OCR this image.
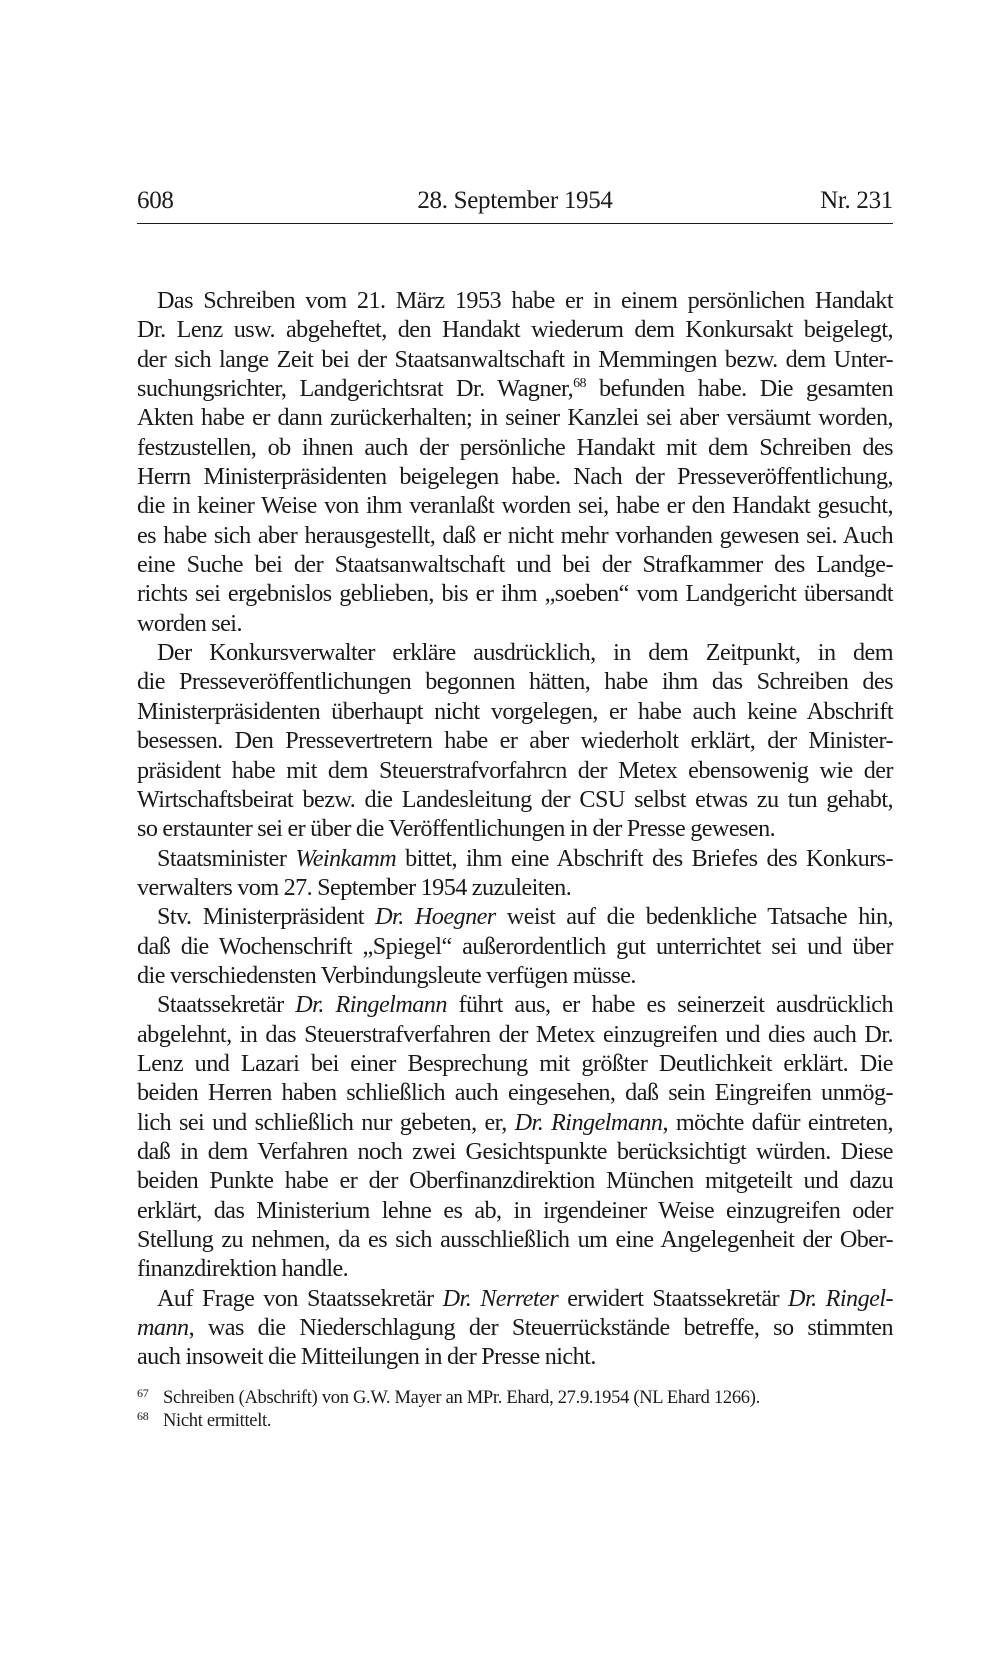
608	28. September 1954	Nr. 231
Das Schreiben vom 21. März 1953 habe er in einem persönlichen Handakt
Dr. Lenz usw. abgeheftet, den Handakt wiederum dem Konkursakt beigelegt,
der sich lange Zeit bei der Staatsanwaltschaft in Memmingen bezw. dem Unter-
suchungsrichter, Landgerichtsrat Dr. Wagner,$^{68}$ befunden habe. Die gesamten
Akten habe er dann zurückerhalten; in seiner Kanzlei sei aber versäumt worden,
festzustellen, ob ihnen auch der persönliche Handakt mit dem Schreiben des
Herrn Ministerpräsidenten beigelegen habe. Nach der Presseveröffentlichung,
die in keiner Weise von ihm veranlaßt worden sei, habe er den Handakt gesucht,
es habe sich aber herausgestellt, daß er nicht mehr vorhanden gewesen sei. Auch
eine Suche bei der Staatsanwaltschaft und bei der Strafkammer des Landge-
richts sei ergebnislos geblieben, bis er ihm „soeben“ vom Landgericht übersandt
worden sei.
Der Konkursverwalter erkläre ausdrücklich, in dem Zeitpunkt, in dem
die Presseveröffentlichungen begonnen hätten, habe ihm das Schreiben des
Ministerpräsidenten überhaupt nicht vorgelegen, er habe auch keine Abschrift
besessen. Den Pressevertretern habe er aber wiederholt erklärt, der Minister-
präsident habe mit dem Steuerstrafvorfahrcn der Metex ebensowenig wie der
Wirtschaftsbeirat bezw. die Landesleitung der CSU selbst etwas zu tun gehabt,
so erstaunter sei er über die Veröffentlichungen in der Presse gewesen.
Staatsminister Weinkamm bittet, ihm eine Abschrift des Briefes des Konkurs-
verwalters vom 27. September 1954 zuzuleiten.
Stv. Ministerpräsident Dr. Hoegner weist auf die bedenkliche Tatsache hin,
daß die Wochenschrift „Spiegel“ außerordentlich gut unterrichtet sei und über
die verschiedensten Verbindungsleute verfügen müsse.
Staatssekretär Dr. Ringelmann führt aus, er habe es seinerzeit ausdrücklich
abgelehnt, in das Steuerstrafverfahren der Metex einzugreifen und dies auch Dr.
Lenz und Lazari bei einer Besprechung mit größter Deutlichkeit erklärt. Die
beiden Herren haben schließlich auch eingesehen, daß sein Eingreifen unmög-
lich sei und schließlich nur gebeten, er, Dr. Ringelmann, möchte dafür eintreten,
daß in dem Verfahren noch zwei Gesichtspunkte berücksichtigt würden. Diese
beiden Punkte habe er der Oberfinanzdirektion München mitgeteilt und dazu
erklärt, das Ministerium lehne es ab, in irgendeiner Weise einzugreifen oder
Stellung zu nehmen, da es sich ausschließlich um eine Angelegenheit der Ober-
finanzdirektion handle.
Auf Frage von Staatssekretär Dr. Nerreter erwidert Staatssekretär Dr. Ringel-
mann, was die Niederschlagung der Steuerrückstände betreffe, so stimmten
auch insoweit die Mitteilungen in der Presse nicht.
67 Schreiben (Abschrift) von G.W. Mayer an MPr. Ehard, 27.9.1954 (NL Ehard 1266).
68 Nicht ermittelt.
